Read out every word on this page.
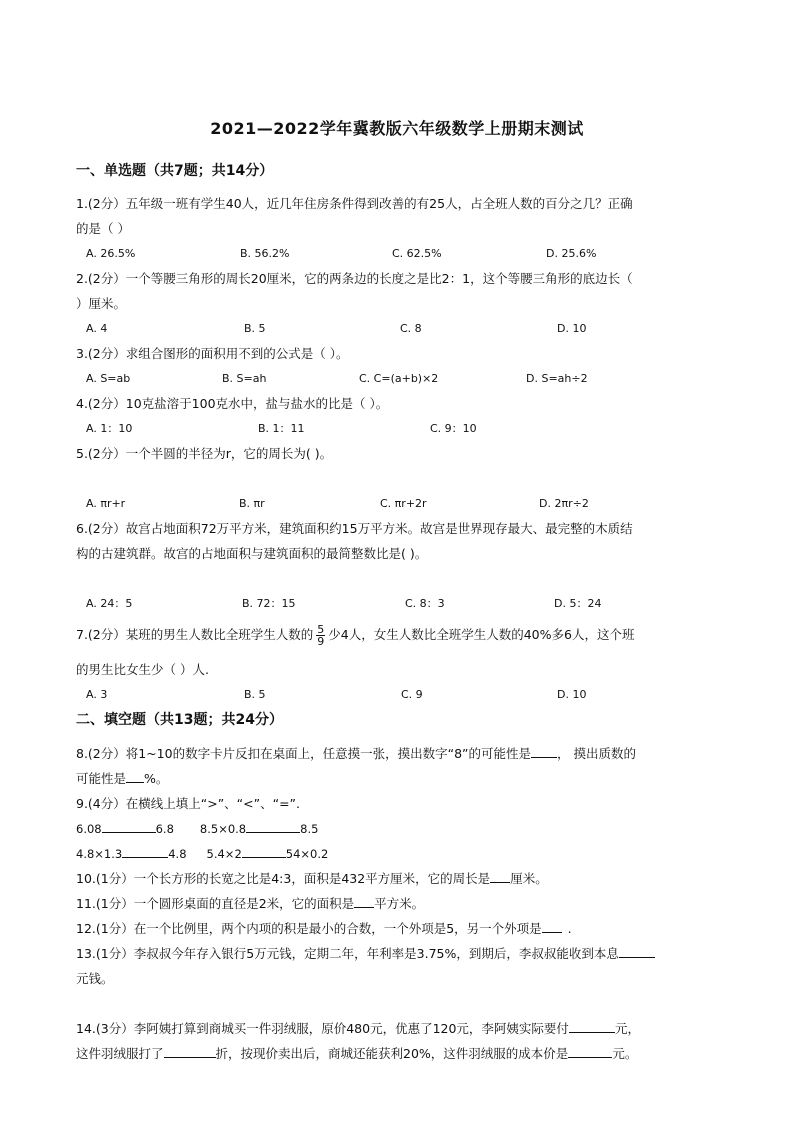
2021—2022学年冀教版六年级数学上册期末测试
一、单选题（共7题；共14分）
1.(2分）五年级一班有学生40人，近几年住房条件得到改善的有25人，占全班人数的百分之几？正确
的是（ ）
A. 26.5%	B. 56.2%	C. 62.5%	D. 25.6%
2.(2分）一个等腰三角形的周长20厘米，它的两条边的长度之是比2：1，这个等腰三角形的底边长（
）厘米。
A. 4	B. 5	C. 8	D. 10
3.(2分）求组合图形的面积用不到的公式是（ ）。
A. S=ab	B. S=ah	C. C=(a+b)×2	D. S=ah÷2
4.(2分）10克盐溶于100克水中，盐与盐水的比是（ ）。
A. 1：10	B. 1：11	C. 9：10
5.(2分）一个半圆的半径为r，它的周长为( )。
A. πr+r	B. πr	C. πr+2r	D. 2πr÷2
6.(2分）故宫占地面积72万平方米，建筑面积约15万平方米。故宫是世界现存最大、最完整的木质结
构的古建筑群。故宫的占地面积与建筑面积的最简整数比是( )。
A. 24：5	B. 72：15	C. 8：3	D. 5：24
7.(2分）某班的男生人数比全班学生人数的 $\frac{5}{9}$ 少4人，女生人数比全班学生人数的40%多6人，这个班
的男生比女生少（ ）人.
A. 3	B. 5	C. 9	D. 10
二、填空题（共13题；共24分）
8.(2分）将1~10的数字卡片反扣在桌面上，任意摸一张，摸出数字“8”的可能性是 ， 摸出质数的
可能性是 %。
9.(4分）在横线上填上“>”、“<”、“=”.
6.08	6.8 8.5×0.8	8.5
4.8×1.3	4.8 5.4×2	54×0.2
10.(1分）一个长方形的长宽之比是4:3，面积是432平方厘米，它的周长是 厘米。
11.(1分）一个圆形桌面的直径是2米，它的面积是 平方米。
12.(1分）在一个比例里，两个内项的积是最小的合数，一个外项是5，另一个外项是 .
13.(1分）李叔叔今年存入银行5万元钱，定期二年，年利率是3.75%，到期后，李叔叔能收到本息
元钱。
14.(3分）李阿姨打算到商城买一件羽绒服，原价480元，优惠了120元，李阿姨实际要付	元，
这件羽绒服打了	折，按现价卖出后，商城还能获利20%，这件羽绒服的成本价是	元。
